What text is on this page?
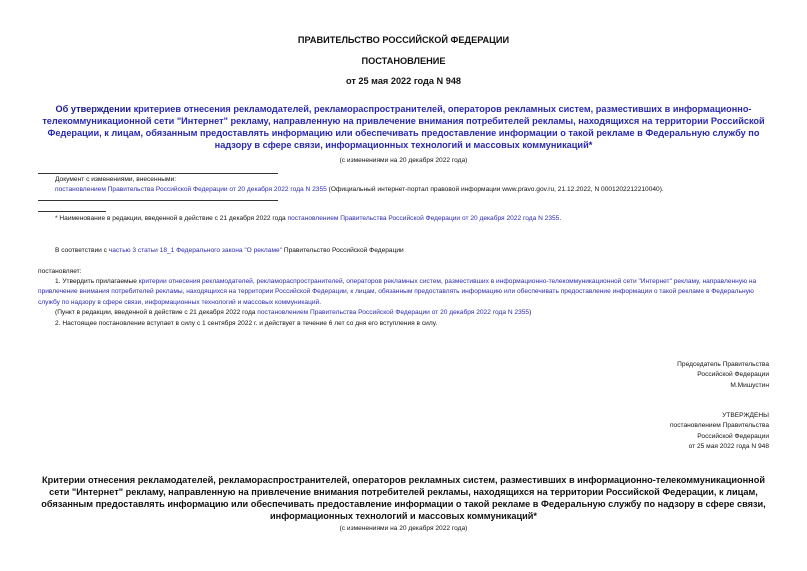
ПРАВИТЕЛЬСТВО РОССИЙСКОЙ ФЕДЕРАЦИИ
ПОСТАНОВЛЕНИЕ
от 25 мая 2022 года N 948
Об утверждении критериев отнесения рекламодателей, рекламораспространителей, операторов рекламных систем, разместивших в информационно-телекоммуникационной сети "Интернет" рекламу, направленную на привлечение внимания потребителей рекламы, находящихся на территории Российской Федерации, к лицам, обязанным предоставлять информацию или обеспечивать предоставление информации о такой рекламе в Федеральную службу по надзору в сфере связи, информационных технологий и массовых коммуникаций*
(с изменениями на 20 декабря 2022 года)
Документ с изменениями, внесенными:
постановлением Правительства Российской Федерации от 20 декабря 2022 года N 2355 (Официальный интернет-портал правовой информации www.pravo.gov.ru, 21.12.2022, N 0001202212210040).
* Наименование в редакции, введенной в действие с 21 декабря 2022 года постановлением Правительства Российской Федерации от 20 декабря 2022 года N 2355.
В соответствии с частью 3 статьи 18_1 Федерального закона "О рекламе" Правительство Российской Федерации
постановляет:
1. Утвердить прилагаемые критерии отнесения рекламодателей, рекламораспространителей, операторов рекламных систем, разместивших в информационно-телекоммуникационной сети "Интернет" рекламу, направленную на привлечение внимания потребителей рекламы, находящихся на территории Российской Федерации, к лицам, обязанным предоставлять информацию или обеспечивать предоставление информации о такой рекламе в Федеральную службу по надзору в сфере связи, информационных технологий и массовых коммуникаций.
(Пункт в редакции, введенной в действие с 21 декабря 2022 года постановлением Правительства Российской Федерации от 20 декабря 2022 года N 2355)
2. Настоящее постановление вступает в силу с 1 сентября 2022 г. и действует в течение 6 лет со дня его вступления в силу.
Председатель Правительства
Российской Федерации
М.Мишустин
УТВЕРЖДЕНЫ
постановлением Правительства
Российской Федерации
от 25 мая 2022 года N 948
Критерии отнесения рекламодателей, рекламораспространителей, операторов рекламных систем, разместивших в информационно-телекоммуникационной сети "Интернет" рекламу, направленную на привлечение внимания потребителей рекламы, находящихся на территории Российской Федерации, к лицам, обязанным предоставлять информацию или обеспечивать предоставление информации о такой рекламе в Федеральную службу по надзору в сфере связи, информационных технологий и массовых коммуникаций*
(с изменениями на 20 декабря 2022 года)
